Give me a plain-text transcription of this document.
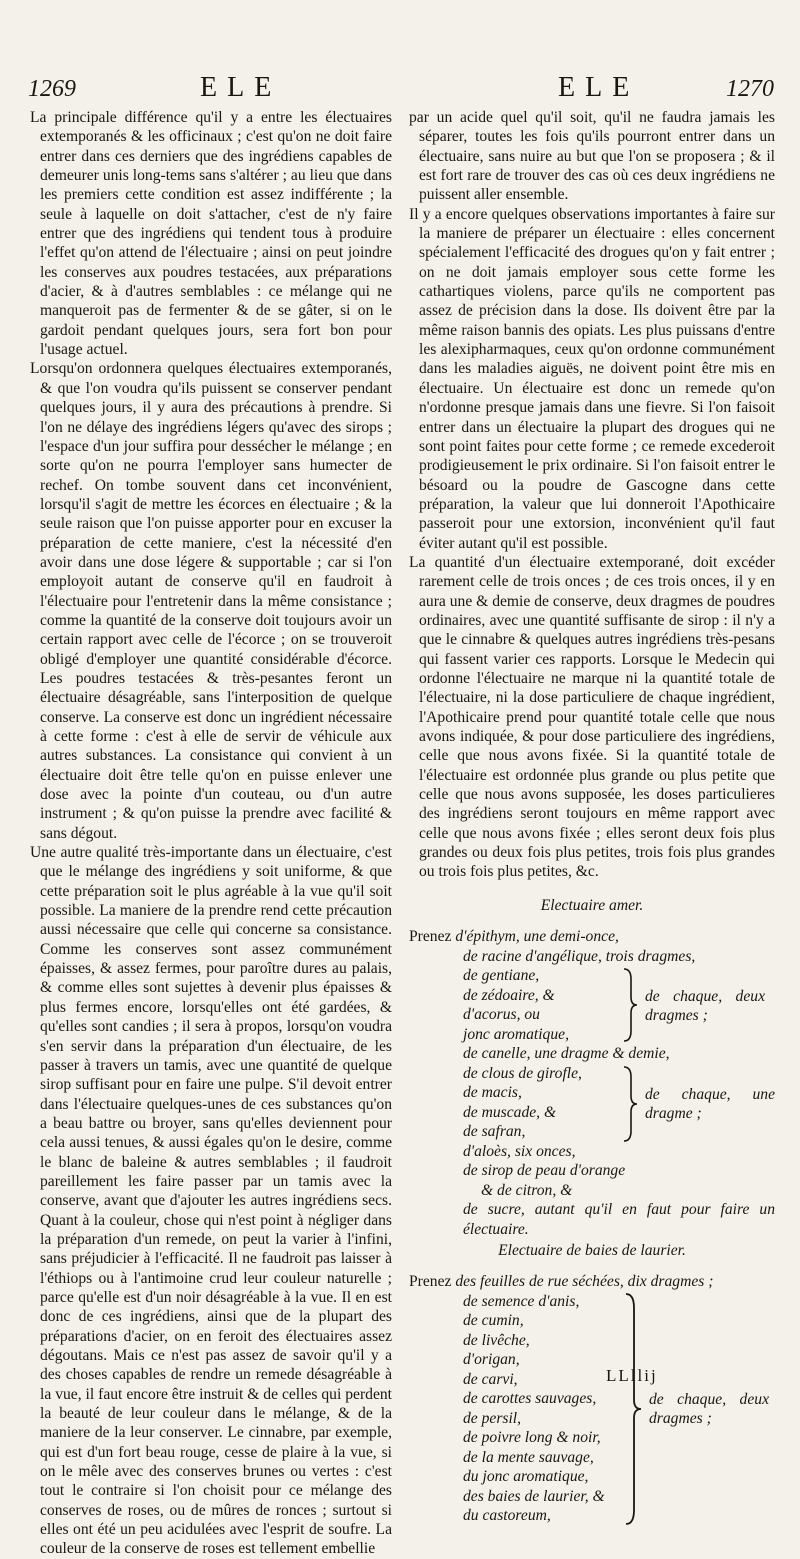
1269	ELE	ELE	1270

La principale différence qu'il y a entre les électuaires extemporanés & les officinaux ; c'est qu'on ne doit faire entrer dans ces derniers que des ingrédiens capables de demeurer unis long-tems sans s'altérer ; au lieu que dans les premiers cette condition est assez indifférente ; la seule à laquelle on doit s'attacher, c'est de n'y faire entrer que des ingrédiens qui tendent tous à produire l'effet qu'on attend de l'électuaire ; ainsi on peut joindre les conserves aux poudres testacées, aux préparations d'acier, & à d'autres semblables : ce mélange qui ne manqueroit pas de fermenter & de se gâter, si on le gardoit pendant quelques jours, sera fort bon pour l'usage actuel.

Lorsqu'on ordonnera quelques électuaires extemporanés, & que l'on voudra qu'ils puissent se conserver pendant quelques jours, il y aura des précautions à prendre. Si l'on ne délaye des ingrédiens légers qu'avec des sirops ; l'espace d'un jour suffira pour dessécher le mélange ; en sorte qu'on ne pourra l'employer sans humecter de rechef. On tombe souvent dans cet inconvénient, lorsqu'il s'agit de mettre les écorces en électuaire ; & la seule raison que l'on puisse apporter pour en excuser la préparation de cette maniere, c'est la nécessité d'en avoir dans une dose légere & supportable ; car si l'on employoit autant de conserve qu'il en faudroit à l'électuaire pour l'entretenir dans la même consistance ; comme la quantité de la conserve doit toujours avoir un certain rapport avec celle de l'écorce ; on se trouveroit obligé d'employer une quantité considérable d'écorce. Les poudres testacées & très-pesantes feront un électuaire désagréable, sans l'interposition de quelque conserve. La conserve est donc un ingrédient nécessaire à cette forme : c'est à elle de servir de véhicule aux autres substances. La consistance qui convient à un électuaire doit être telle qu'on en puisse enlever une dose avec la pointe d'un couteau, ou d'un autre instrument ; & qu'on puisse la prendre avec facilité & sans dégout.

Une autre qualité très-importante dans un électuaire, c'est que le mélange des ingrédiens y soit uniforme, & que cette préparation soit le plus agréable à la vue qu'il soit possible. La maniere de la prendre rend cette précaution aussi nécessaire que celle qui concerne sa consistance. Comme les conserves sont assez communément épaisses, & assez fermes, pour paroître dures au palais, & comme elles sont sujettes à devenir plus épaisses & plus fermes encore, lorsqu'elles ont été gardées, & qu'elles sont candies ; il sera à propos, lorsqu'on voudra s'en servir dans la préparation d'un électuaire, de les passer à travers un tamis, avec une quantité de quelque sirop suffisant pour en faire une pulpe. S'il devoit entrer dans l'électuaire quelques-unes de ces substances qu'on a beau battre ou broyer, sans qu'elles deviennent pour cela aussi tenues, & aussi égales qu'on le desire, comme le blanc de baleine & autres semblables ; il faudroit pareillement les faire passer par un tamis avec la conserve, avant que d'ajouter les autres ingrédiens secs. Quant à la couleur, chose qui n'est point à négliger dans la préparation d'un remede, on peut la varier à l'infini, sans préjudicier à l'efficacité. Il ne faudroit pas laisser à l'éthiops ou à l'antimoine crud leur couleur naturelle ; parce qu'elle est d'un noir désagréable à la vue. Il en est donc de ces ingrédiens, ainsi que de la plupart des préparations d'acier, on en feroit des électuaires assez dégoutans. Mais ce n'est pas assez de savoir qu'il y a des choses capables de rendre un remede désagréable à la vue, il faut encore être instruit & de celles qui perdent la beauté de leur couleur dans le mélange, & de la maniere de la leur conserver. Le cinnabre, par exemple, qui est d'un fort beau rouge, cesse de plaire à la vue, si on le mêle avec des conserves brunes ou vertes : c'est tout le contraire si l'on choisit pour ce mélange des conserves de roses, ou de mûres de ronces ; surtout si elles ont été un peu acidulées avec l'esprit de soufre. La couleur de la conserve de roses est tellement embellie

par un acide quel qu'il soit, qu'il ne faudra jamais les séparer, toutes les fois qu'ils pourront entrer dans un électuaire, sans nuire au but que l'on se proposera ; & il est fort rare de trouver des cas où ces deux ingrédiens ne puissent aller ensemble.

Il y a encore quelques observations importantes à faire sur la maniere de préparer un électuaire : elles concernent spécialement l'efficacité des drogues qu'on y fait entrer ; on ne doit jamais employer sous cette forme les cathartiques violens, parce qu'ils ne comportent pas assez de précision dans la dose. Ils doivent être par la même raison bannis des opiats. Les plus puissans d'entre les alexipharmaques, ceux qu'on ordonne communément dans les maladies aiguës, ne doivent point être mis en électuaire. Un électuaire est donc un remede qu'on n'ordonne presque jamais dans une fievre. Si l'on faisoit entrer dans un électuaire la plupart des drogues qui ne sont point faites pour cette forme ; ce remede excederoit prodigieusement le prix ordinaire. Si l'on faisoit entrer le bésoard ou la poudre de Gascogne dans cette préparation, la valeur que lui donneroit l'Apothicaire passeroit pour une extorsion, inconvénient qu'il faut éviter autant qu'il est possible.

La quantité d'un électuaire extemporané, doit excéder rarement celle de trois onces ; de ces trois onces, il y en aura une & demie de conserve, deux dragmes de poudres ordinaires, avec une quantité suffisante de sirop : il n'y a que le cinnabre & quelques autres ingrédiens très-pesans qui fassent varier ces rapports. Lorsque le Medecin qui ordonne l'électuaire ne marque ni la quantité totale de l'électuaire, ni la dose particuliere de chaque ingrédient, l'Apothicaire prend pour quantité totale celle que nous avons indiquée, & pour dose particuliere des ingrédiens, celle que nous avons fixée. Si la quantité totale de l'électuaire est ordonnée plus grande ou plus petite que celle que nous avons supposée, les doses particulieres des ingrédiens seront toujours en même rapport avec celle que nous avons fixée ; elles seront deux fois plus grandes ou deux fois plus petites, trois fois plus grandes ou trois fois plus petites, &c.

Electuaire amer.
Prenez d'épithym, une demi-once,
de racine d'angélique, trois dragmes,
de gentiane,
de zédoaire, &
d'acorus, ou
jonc aromatique,
de canelle, une dragme & demie,
de clous de girofle,
de macis,
de muscade, &
de safran,
d'aloès, six onces,
de sirop de peau d'orange
& de citron, &
de sucre, autant qu'il en faut pour faire un électuaire.
de chaque, deux dragmes ;
de chaque, une dragme ;
Electuaire de baies de laurier.
Prenez des feuilles de rue séchées, dix dragmes ;
de semence d'anis,
de cumin,
de livêche,
d'origan,
de carvi,
de carottes sauvages,
de persil,
de poivre long & noir,
de la mente sauvage,
du jonc aromatique,
des baies de laurier, &
du castoreum,
de chaque, deux dragmes ;
LLllij
